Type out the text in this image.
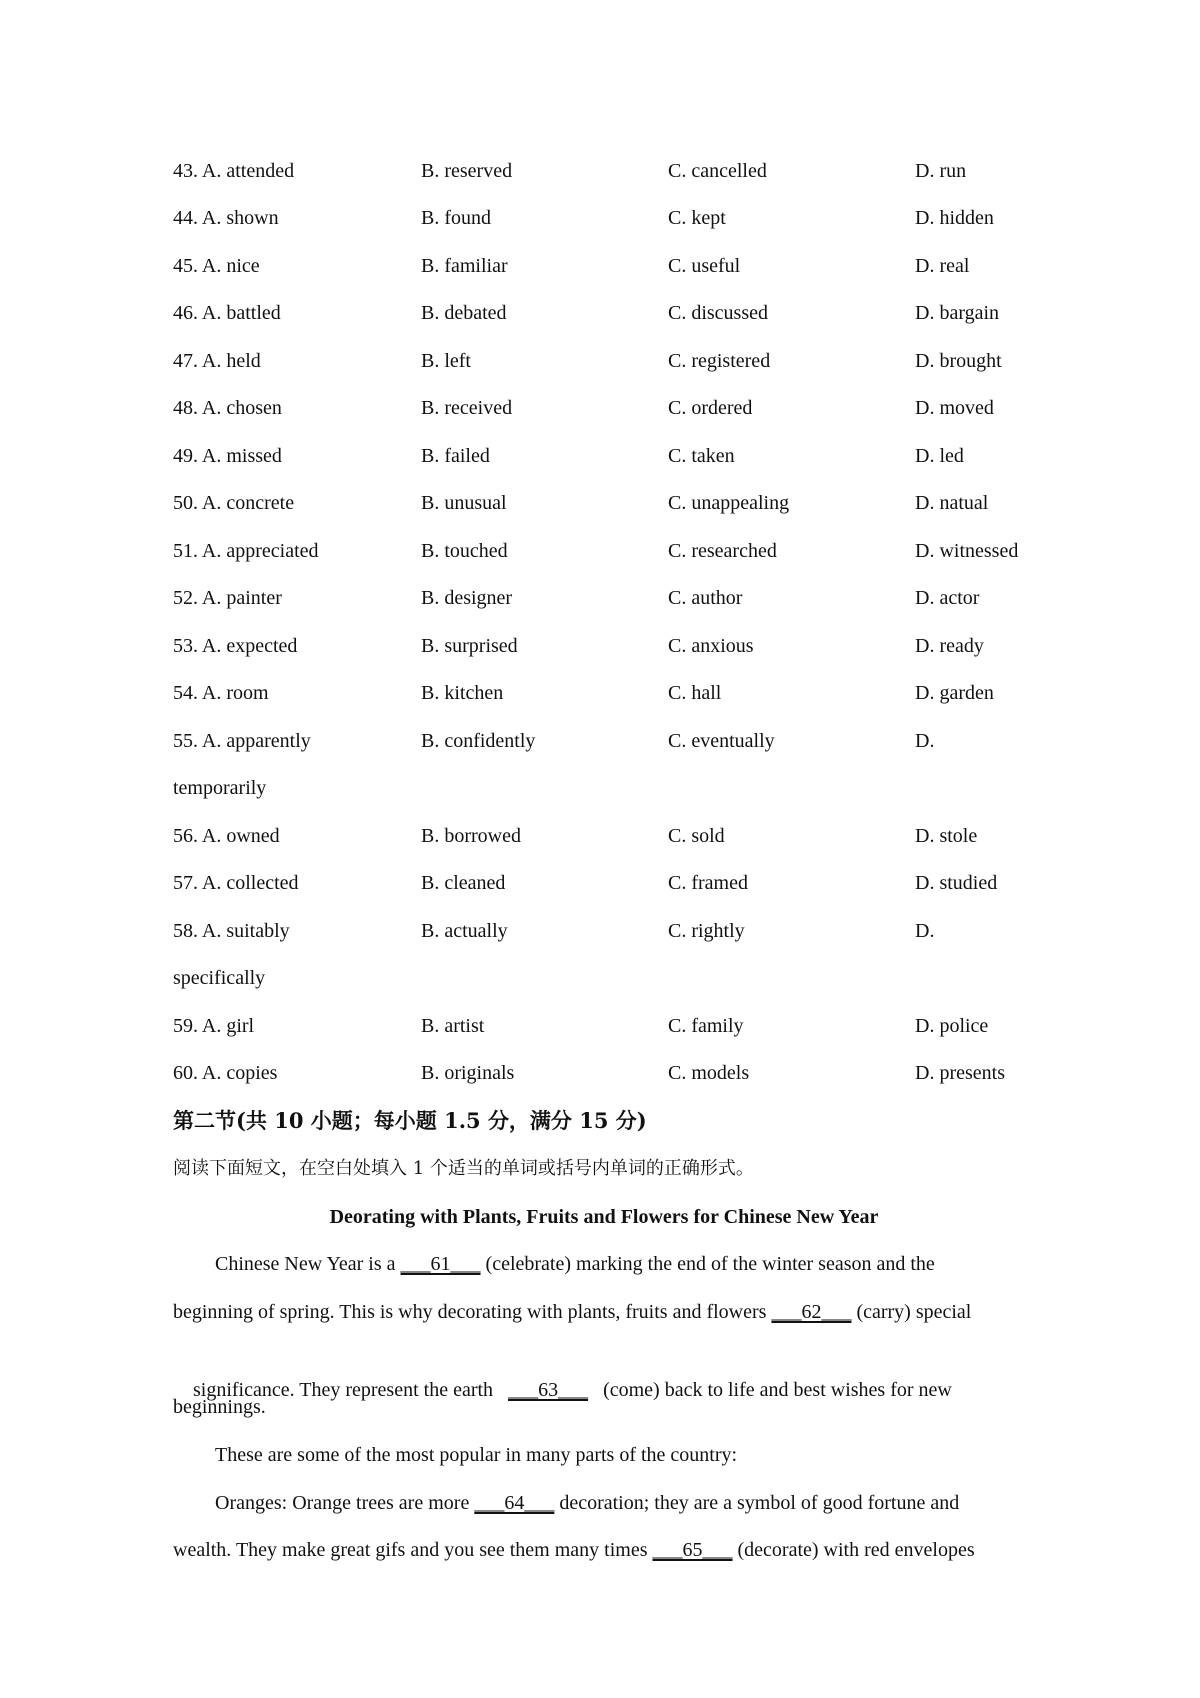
43. A. attended	B. reserved	C. cancelled	D. run
44. A. shown	B. found	C. kept	D. hidden
45. A. nice	B. familiar	C. useful	D. real
46. A. battled	B. debated	C. discussed	D. bargain
47. A. held	B. left	C. registered	D. brought
48. A. chosen	B. received	C. ordered	D. moved
49. A. missed	B. failed	C. taken	D. led
50. A. concrete	B. unusual	C. unappealing	D. natual
51. A. appreciated	B. touched	C. researched	D. witnessed
52. A. painter	B. designer	C. author	D. actor
53. A. expected	B. surprised	C. anxious	D. ready
54. A. room	B. kitchen	C. hall	D. garden
55. A. apparently	B. confidently	C. eventually	D.
temporarily
56. A. owned	B. borrowed	C. sold	D. stole
57. A. collected	B. cleaned	C. framed	D. studied
58. A. suitably	B. actually	C. rightly	D.
specifically
59. A. girl	B. artist	C. family	D. police
60. A. copies	B. originals	C. models	D. presents
第二节(共 10 小题；每小题 1.5 分，满分 15 分)
阅读下面短文，在空白处填入 1 个适当的单词或括号内单词的正确形式。
Deorating with Plants, Fruits and Flowers for Chinese New Year
Chinese New Year is a ___61___ (celebrate) marking the end of the winter season and the
beginning of spring. This is why decorating with plants, fruits and flowers ___62___ (carry) special

significance. They represent the earth   ___63___   (come) back to life and best wishes for new

beginnings.
These are some of the most popular in many parts of the country:
Oranges: Orange trees are more ___64___ decoration; they are a symbol of good fortune and
wealth. They make great gifs and you see them many times ___65___ (decorate) with red envelopes
